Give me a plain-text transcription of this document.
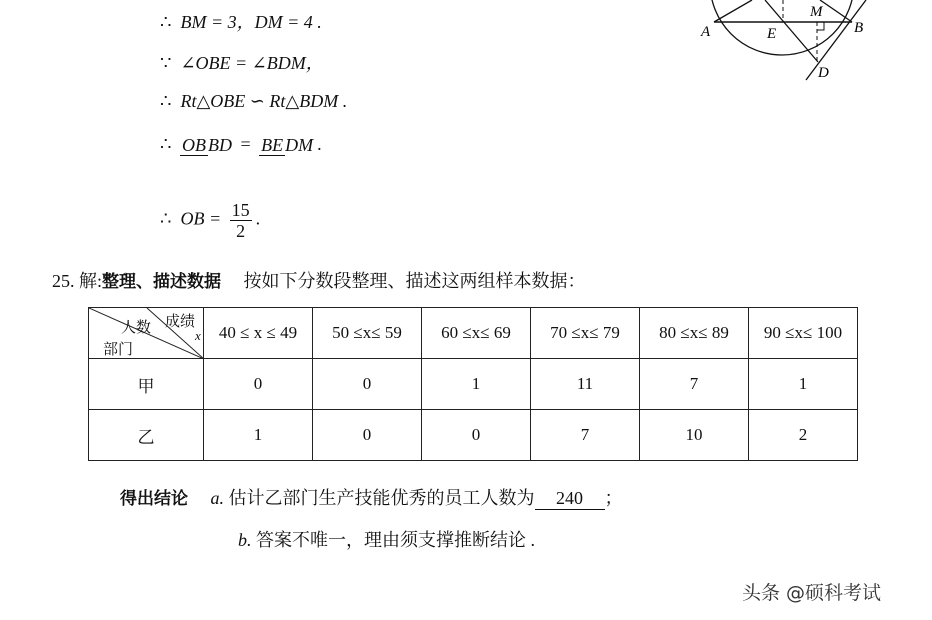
A	E
M
B
D
∴ BM = 3，DM = 4 .
∵ ∠OBE = ∠BDM，
∴ Rt△OBE ∽ Rt△BDM .
∴ OB BD = BE DM .
∴ OB = $\frac{15}{2}$ .
25. 解:整理、描述数据 按如下分数段整理、描述这两组样本数据：
成绩
x
人数
部门	40 ≤ x ≤ 49	50 ≤x≤ 59	60 ≤x≤ 69	70 ≤x≤ 79	80 ≤x≤ 89	90 ≤x≤ 100
甲	0	0	1	11	7	1
乙	1	0	0	7	10	2
得出结论 a. 估计乙部门生产技能优秀的员工人数为 240 ；
b. 答案不唯一，理由须支撑推断结论 .
头条 @硕科考试
